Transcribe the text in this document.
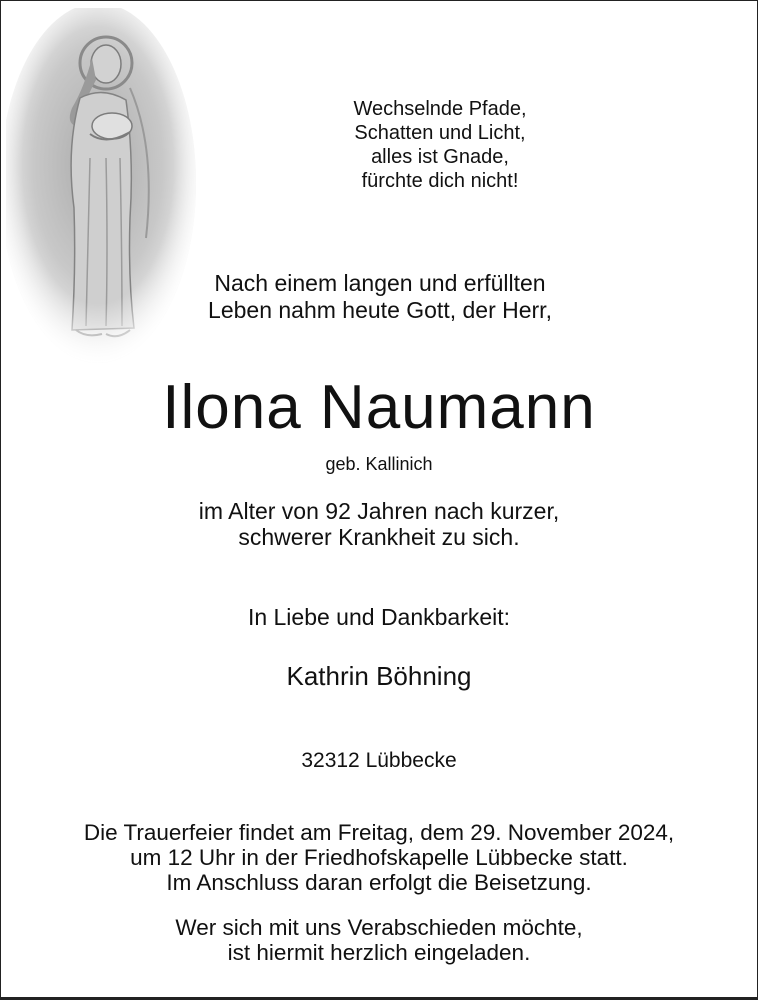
Wechselnde Pfade,
Schatten und Licht,
alles ist Gnade,
fürchte dich nicht!
Nach einem langen und erfüllten
Leben nahm heute Gott, der Herr,
Ilona Naumann
geb. Kallinich
im Alter von 92 Jahren nach kurzer,
schwerer Krankheit zu sich.
In Liebe und Dankbarkeit:
Kathrin Böhning
32312 Lübbecke
Die Trauerfeier findet am Freitag, dem 29. November 2024,
um 12 Uhr in der Friedhofskapelle Lübbecke statt.
Im Anschluss daran erfolgt die Beisetzung.
Wer sich mit uns Verabschieden möchte,
ist hiermit herzlich eingeladen.
